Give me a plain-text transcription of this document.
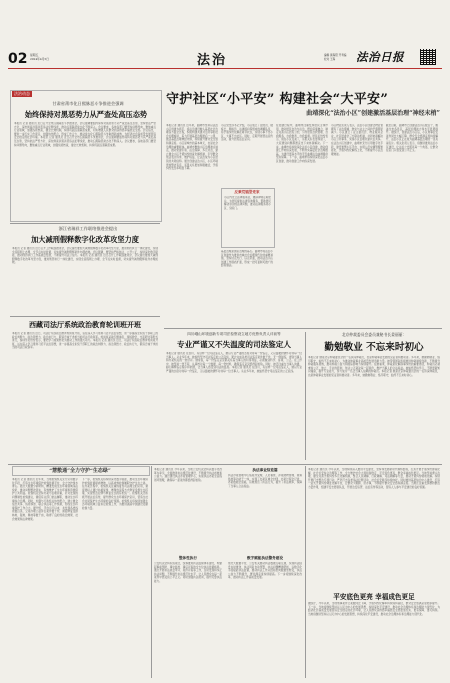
02 星期五
2024年4月5日	法治	编辑 黄海阳 开考编
校对 王海	法治日报
法治动态
甘肃省莆市化日熙脉恶斗争推进会强调
始终保持对黑恶势力从严查处高压态势
本报讯 记者 通讯员 近日召开全市扫黑除恶斗争推进会，会议强调要始终保持对黑恶势力从严查处高压态势，坚持依法严惩方针，深挖彻查涉黑涉恶违法犯罪线索，推动扫黑除恶常态化不断深入。会议要求，各地各部门要坚持问题导向，聚焦重点行业领域，加强线索核查，健全长效机制，持续巩固扫黑除恶成果，切实增强人民群众的获得感幸福感安全感。会议指出，要进一步压实工作责任，加强协作配合，形成工作合力，推动常态化扫黑除恶斗争取得新成效，为经济社会高质量发展营造安全稳定的社会环境。本报讯 记者 通讯员 近日召开全市扫黑除恶斗争推进会，会议强调要始终保持对黑恶势力从严查处高压态势，坚持依法严惩方针，深挖彻查涉黑涉恶违法犯罪线索，推动扫黑除恶常态化不断深入。会议要求，各地各部门要坚持问题导向，聚焦重点行业领域，加强线索核查，健全长效机制，持续巩固扫黑除恶成果。
浙江省瑞祥工作联络推进会提出
加大减刑假释数字化改革攻坚力度
本报讯 记者 通讯员 近日召开工作联络推进会，会议提出要加大减刑假释数字化改革攻坚力度，推进刑罚执行一体化建设，实现全流程网上办理、全节点实时监督，切实提升减刑假释案件办理质效。会议强调，要坚持严格依法、公开公正，持续深化数字赋能，推动刑罚执行工作高质量发展，不断提升司法公信力。本报讯 记者 通讯员 近日召开工作联络推进会，会议提出要加大减刑假释数字化改革攻坚力度，推进刑罚执行一体化建设，实现全流程网上办理、全节点实时监督，切实提升减刑假释案件办理质效。
西藏司法厅系统政治教育轮训班开班
本报讯 记者 通讯员 近日，司法厅系统政治教育轮训班开班，旨在深入学习贯彻习近平法治思想，进一步提高全系统干部职工的政治判断力、政治领悟力、政治执行力，锻造忠诚干净担当的司法行政铁军。轮训班采取专题讲座、现场教学、交流研讨等形式进行，参训学员纷纷表示，要把学习成果转化为推动工作的强大动力。本报讯 记者 通讯员 近日，司法厅系统政治教育轮训班开班，旨在深入学习贯彻习近平法治思想，进一步提高全系统干部职工的政治判断力、政治领悟力、政治执行力，锻造忠诚干净担当的司法行政铁军。
守护社区“小平安” 构建社会“大平安”
曲靖深化“法治小区”创建激活基层治理“神经末梢”
本报记者 通讯员 近年来，曲靖市坚持以法治小区创建为抓手，将法治建设融入基层社会治理各方面全过程，积极构建共建共治共享的社会治理格局，着力打通基层治理最后一公里，激活基层治理神经末梢，持续提升群众安全感和满意度。小区是城市的基本单元，也是社会治理的重要载体。曲靖市聚焦小区治理难点堵点，推动党建引领、法治保障、多元共治，建立健全小区矛盾纠纷排查化解机制，引导群众依法表达诉求、维护权益，让法治成为小区居民的共同信仰。通过创建法治小区，小区环境更加整洁有序，邻里关系更加和睦融洽，矛盾纠纷发生率明显下降。
小区党支部书记介绍，小区成立了由党员、楼栋长、网格员、法律顾问等组成的调解队伍，将矛盾纠纷化解在萌芽状态，实现小事不出小区、大事不出社区。同时，定期开展普法宣传活动，提升居民法治意识。
反乘荒镇型党家
小区内设立法律服务站，邀请律师定期坐诊，为居民提供法律咨询服务，帮助居民解决身边的法律问题，推动法律服务进小区、到家门。
基层治理是国家治理的基石。曲靖市将法治小区创建作为推进市域社会治理现代化的重要举措，坚持试点先行、以点带面，推动法治小区创建工作提质扩面，形成一批可复制可推广的经验做法。
在创建过程中，曲靖市注重发挥居民主体作用，推动居民自治与法治、德治深度融合，制定完善小区居民公约，引导居民自我管理、自我服务、自我教育、自我监督。居民们纷纷表示，现在小区变美了，邻里关系也更和谐了，大家遇到问题都愿意坐下来协商解决。下一步，曲靖市将持续深化法治小区创建，推动创建工作向纵深发展，不断夯实基层社会治理根基，为建设更高水平的平安曲靖法治曲靖提供坚实保障。下一步，曲靖市将持续深化法治小区创建，推动创建工作向纵深发展。
小区物业负责人表示，法治小区创建让物业管理有了法治遵循，物业与业主之间的矛盾明显减少。小区建立了业主委员会、物业服务企业、社区居委会三方联动机制，共同协商解决小区公共事务，实现小区治理共建共治共享。在法治小区创建中，曲靖市充分运用数字化手段，建设智慧小区平台，实现人员车辆管理智能化、矛盾纠纷化解线上化，不断提升小区治理效能。
截至目前，曲靖市已创建法治小区数百个，覆盖全市各县区，基层治理能力和水平显著提升。据统计，创建法治小区后，小区刑事治安案件同比大幅下降，群众安全感满意度持续攀升，法治小区正在成为曲靖基层治理的一张亮丽名片。相关负责人表示，将继续推进法治小区建设，让法治之光照亮每一个角落，让群众在家门口感受到公平正义。
四川峨山环境创新专项司法检察设立地方优势负责人评前等
专业严谨又不失温度的司法鉴定人
本报记者 通讯员 在四川，有这样一位司法鉴定人，她以专业严谨的态度对待每一份鉴定，又以温暖的情怀对待每一位当事人。从业多年来，她始终坚守司法鉴定的公正底线，累计完成各类司法鉴定案件数千件，无一例错鉴，得到当事人和办案机关的一致好评。她常说，每一份鉴定意见都关系着当事人的切身利益，必须做到科学、客观、公正。在工作中，她坚持一丝不苟，认真核对每一个数据、每一份材料，确保鉴定意见经得起检验。同时，她还注重与当事人沟通，耐心解释鉴定程序和依据，让当事人感受到司法的温度。本报记者 通讯员 在四川，有这样一位司法鉴定人，她以专业严谨的态度对待每一份鉴定，又以温暖的情怀对待每一位当事人。从业多年来，她始终坚守司法鉴定的公正底线。
北京仲裁委员会委员兼秘书长姜丽丽：
勤勉敬业 不忘来时初心
本报记者 她是北京仲裁委员会的一名资深仲裁员，也是仲裁事业发展的见证者和推动者。多年来，她勤勉敬业、恪尽职守，始终不忘来时初心，为推动仲裁事业高质量发展贡献力量。她带领团队积极推进仲裁制度创新，不断提升仲裁服务质效，推动仲裁公信力和国际影响力持续提升。在她看来，仲裁是化解商事纠纷的重要途径，仲裁员必须秉持公正、独立、专业的原则，依法公正裁决每一起案件，维护当事人的合法权益。她始终坚持学习，不断更新知识储备，提升专业能力，努力成为一名让当事人信赖的仲裁员。本报记者 她是北京仲裁委员会的一名资深仲裁员，也是仲裁事业发展的见证者和推动者。多年来，她勤勉敬业、恪尽职守，始终不忘来时初心。
“慧敷通”全力守护“生态绿”
本报讯 记者 通讯员 近年来，当地检察机关充分运用数字化手段，打造生态环境保护检察监督平台，全力守护绿水青山。通过大数据分析研判，精准发现生态环境领域违法线索，推动问题整改落实，有效维护了生态环境和资源保护公共利益。检察机关坚持办案与治理并重，针对发现的问题制发检察建议，督促有关部门依法履职，推动生态环境综合治理。同时，加强与行政机关协作配合，建立健全信息共享、线索移送、联合执法等工作机制，形成生态环境保护工作合力。据介绍，平台运行以来，共发现各类线索数百条，立案办理公益诉讼案件数十件，督促修复受损林地、湿地、耕地等数千亩，取得了良好的政治效果、社会效果和法律效果。
下一步，检察机关将持续深化数字赋能，推动生态环境保护检察监督提质增效，以高质效检察履职守护生态之美。在办案过程中，检察机关注重恢复性司法理念的运用，督促侵权人通过补植复绿、增殖放流等方式修复受损生态环境，实现惩治犯罪与修复生态的有机统一。检察机关还积极开展法治宣传，提升群众生态环境保护意识，营造全社会共同保护生态环境的良好氛围。检察机关将持续加强生态环境领域公益诉讼检察工作，为推进美丽中国建设贡献检察力量。
本报记者 通讯员 今年以来，当地公安机关坚持以数字化改革为牵引，全面推进执法规范化建设，不断提升执法质效和公信力。通过建设执法办案管理中心，实现执法办案全流程闭环管理，确保每一起案件都经得起检验。
执法事业综览篇
执法办案管理中心集案件受理、人员看管、涉案财物管理、视频监控等功能于一体，实现了办案区域全封闭、办案过程全记录、办案数据全留痕，有效规范了执法行为，提升了执法效率，保障了当事人合法权益。
整体性执行
公安机关坚持系统观念，统筹推进执法监督体系建设，构建起事前预防、事中监控、事后评查的全方位执法监督格局。通过开展执法质量考评、案件评查等工作，及时发现和纠正执法问题，不断提升执法规范化水平，让人民群众在每一起案件中感受到公平正义。同时加强执法培训，提升民警执法能力。
数字赋能执法警务建设
依托大数据平台，公安机关推动执法数据互联互通，实现执法信息实时推送、执法风险自动预警、执法问题精准研判，以数字化手段赋能执法监督，推动执法工作从经验型向数据型转变，执法公信力不断提升，群众满意度持续提高。下一步将继续深化改革，推动执法工作高质量发展。
本报记者 通讯员 今年以来，当地持续深入推进平安建设，坚持和发展新时代枫桥经验，扎实开展矛盾纠纷排查化解、社会治安综合治理等工作，全力维护社会大局和谐稳定，平安底色更亮，群众幸福成色更足。当地坚持源头治理，健全完善矛盾纠纷多元化解机制，整合人民调解、行政调解、司法调解等力量，推动矛盾纠纷就地化解。持续开展打击整治专项行动，严厉打击各类违法犯罪活动，社会治安秩序持续向好。同时推进基层综治中心建设，打造一站式矛盾纠纷调处化解平台，让群众少跑腿、好办事，不断提升群众安全感和满意度。当地还注重发挥群防群治力量作用，组建平安志愿者队伍，开展治安巡逻、法治宣传等活动，营造人人参与平安建设的良好氛围。
平安底色更亮 幸福成色更足
据统计，今年以来，当地刑事案件立案数同比下降，矛盾纠纷化解率持续保持高位，群众安全感满意度稳步提升。下一步，当地将继续坚持以人民为中心的发展思想，持续深化平安建设，推动社会治理体系和治理能力现代化，为经济社会高质量发展营造安全稳定的社会环境，让人民群众获得感幸福感安全感更加充实、更有保障、更可持续。当地将继续坚持以人民为中心的发展思想，持续深化平安建设，推动社会治理体系和治理能力现代化。
